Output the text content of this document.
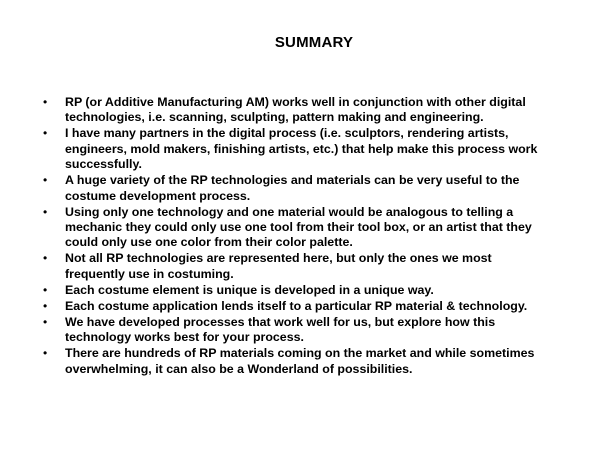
SUMMARY
• RP (or Additive Manufacturing AM) works well in conjunction with other digital technologies, i.e. scanning, sculpting, pattern making and engineering.
• I have many partners in the digital process (i.e. sculptors, rendering artists, engineers, mold makers, finishing artists, etc.) that help make this process work successfully.
• A huge variety of the RP technologies and materials can be very useful to the costume development process.
• Using only one technology and one material would be analogous to telling a mechanic they could only use one tool from their tool box, or an artist that they could only use one color from their color palette.
• Not all RP technologies are represented here, but only the ones we most frequently use in costuming.
• Each costume element is unique is developed in a unique way.
• Each costume application lends itself to a particular RP material & technology.
• We have developed processes that work well for us, but explore how this technology works best for your process.
• There are hundreds of RP materials coming on the market and while sometimes overwhelming, it can also be a Wonderland of possibilities.
